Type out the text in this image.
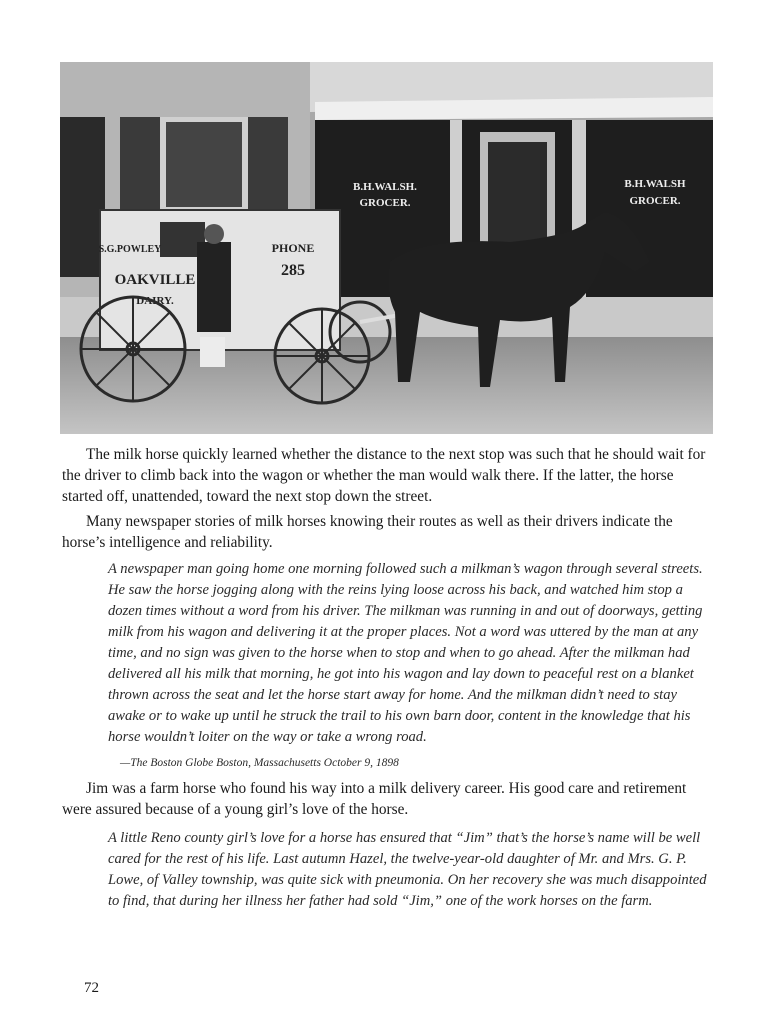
B.H.WALSH.
GROCER.
B.H.WALSH
GROCER.
S.G.POWLEY
OAKVILLE
DAIRY.
PHONE
285

The milk horse quickly learned whether the distance to the next stop was such that he should wait for the driver to climb back into the wagon or whether the man would walk there. If the latter, the horse started off, unattended, toward the next stop down the street.

Many newspaper stories of milk horses knowing their routes as well as their drivers indicate the horse’s intelligence and reliability.

A newspaper man going home one morning followed such a milkman’s wagon through several streets. He saw the horse jogging along with the reins lying loose across his back, and watched him stop a dozen times without a word from his driver. The milkman was running in and out of doorways, getting milk from his wagon and delivering it at the proper places. Not a word was uttered by the man at any time, and no sign was given to the horse when to stop and when to go ahead. After the milkman had delivered all his milk that morning, he got into his wagon and lay down to peaceful rest on a blanket thrown across the seat and let the horse start away for home. And the milkman didn’t need to stay awake or to wake up until he struck the trail to his own barn door, content in the knowledge that his horse wouldn’t loiter on the way or take a wrong road.
—The Boston Globe Boston, Massachusetts October 9, 1898

Jim was a farm horse who found his way into a milk delivery career. His good care and retirement were assured because of a young girl’s love of the horse.

A little Reno county girl’s love for a horse has ensured that “Jim” that’s the horse’s name will be well cared for the rest of his life. Last autumn Hazel, the twelve-year-old daughter of Mr. and Mrs. G. P. Lowe, of Valley township, was quite sick with pneumonia. On her recovery she was much disappointed to find, that during her illness her father had sold “Jim,” one of the work horses on the farm.
72
